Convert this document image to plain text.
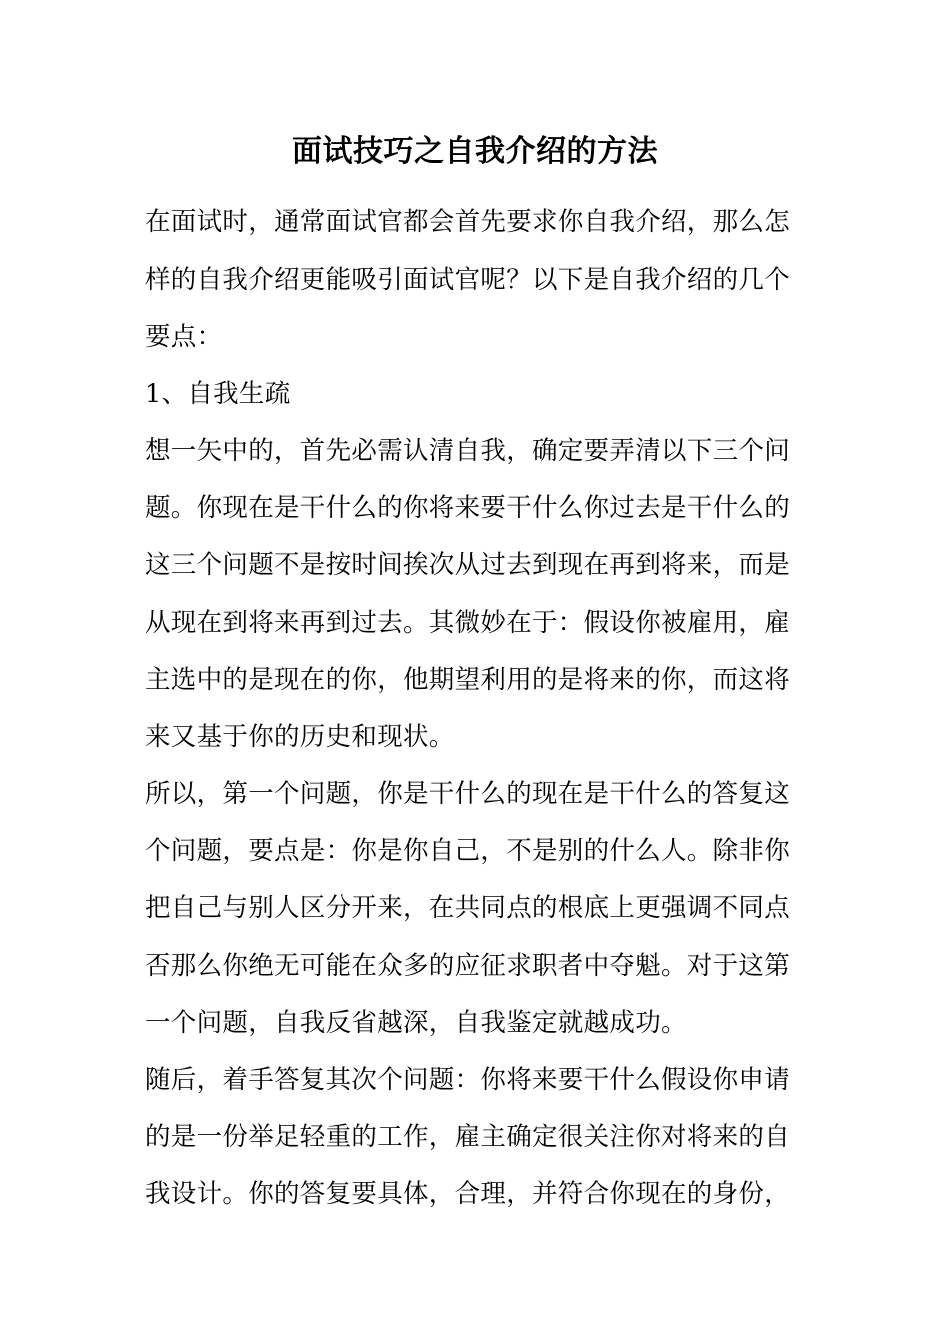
面试技巧之自我介绍的方法
在面试时，通常面试官都会首先要求你自我介绍，那么怎
样的自我介绍更能吸引面试官呢？以下是自我介绍的几个
要点：
1、自我生疏
想一矢中的，首先必需认清自我，确定要弄清以下三个问
题。你现在是干什么的你将来要干什么你过去是干什么的
这三个问题不是按时间挨次从过去到现在再到将来，而是
从现在到将来再到过去。其微妙在于：假设你被雇用，雇
主选中的是现在的你，他期望利用的是将来的你，而这将
来又基于你的历史和现状。
所以，第一个问题，你是干什么的现在是干什么的答复这
个问题，要点是：你是你自己，不是别的什么人。除非你
把自己与别人区分开来，在共同点的根底上更强调不同点
否那么你绝无可能在众多的应征求职者中夺魁。对于这第
一个问题，自我反省越深，自我鉴定就越成功。
随后，着手答复其次个问题：你将来要干什么假设你申请
的是一份举足轻重的工作，雇主确定很关注你对将来的自
我设计。你的答复要具体，合理，并符合你现在的身份，
